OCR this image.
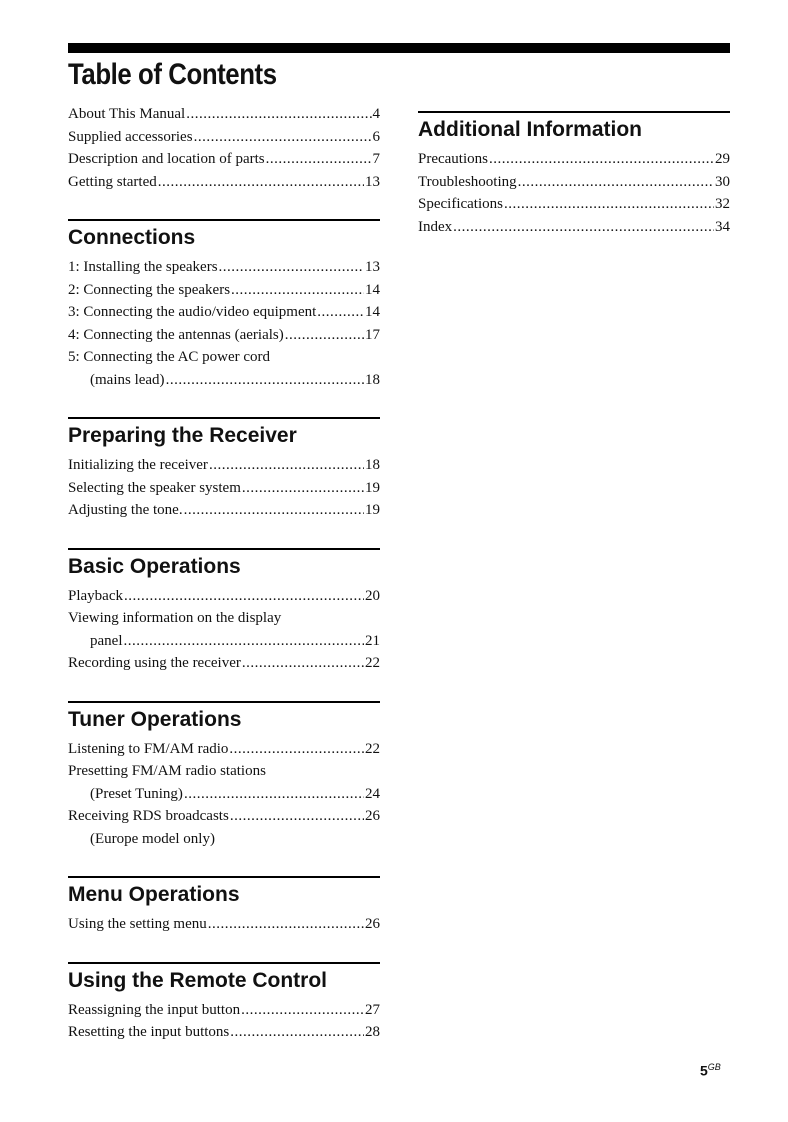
Table of Contents
About This Manual .....	4
Supplied accessories .....	6
Description and location of parts .....	7
Getting started .....	13
Connections
1: Installing the speakers .....	13
2: Connecting the speakers .....	14
3: Connecting the audio/video equipment .....	14
4: Connecting the antennas (aerials) .....	17
5: Connecting the AC power cord
(mains lead) .....	18
Preparing the Receiver
Initializing the receiver .....	18
Selecting the speaker system .....	19
Adjusting the tone. .....	19
Basic Operations
Playback .....	20
Viewing information on the display
panel .....	21
Recording using the receiver .....	22
Tuner Operations
Listening to FM/AM radio .....	22
Presetting FM/AM radio stations
(Preset Tuning) .....	24
Receiving RDS broadcasts .....	26
(Europe model only)
Menu Operations
Using the setting menu .....	26
Using the Remote Control
Reassigning the input button .....	27
Resetting the input buttons .....	28
Additional Information
Precautions .....	29
Troubleshooting .....	30
Specifications .....	32
Index .....	34
$5^{GB}$
